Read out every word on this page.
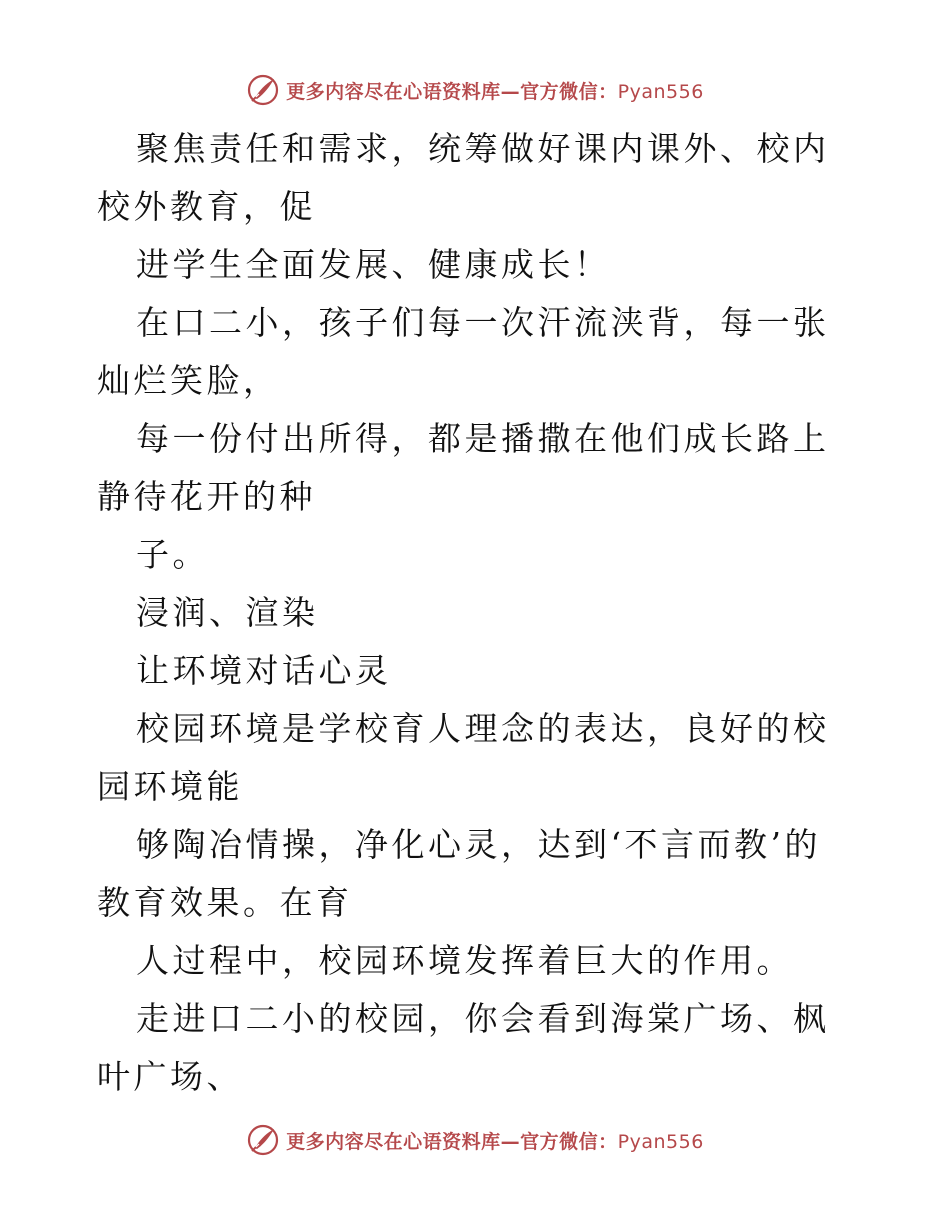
更多内容尽在心语资料库—官方微信：Pyan556

聚焦责任和需求，统筹做好课内课外、校内校外教育，促

进学生全面发展、健康成长！

在口二小，孩子们每一次汗流浃背，每一张灿烂笑脸，

每一份付出所得，都是播撒在他们成长路上静待花开的种

子。

浸润、渲染

让环境对话心灵

校园环境是学校育人理念的表达，良好的校园环境能

够陶冶情操，净化心灵，达到‘不言而教’的教育效果。在育

人过程中，校园环境发挥着巨大的作用。

走进口二小的校园，你会看到海棠广场、枫叶广场、

更多内容尽在心语资料库—官方微信：Pyan556
